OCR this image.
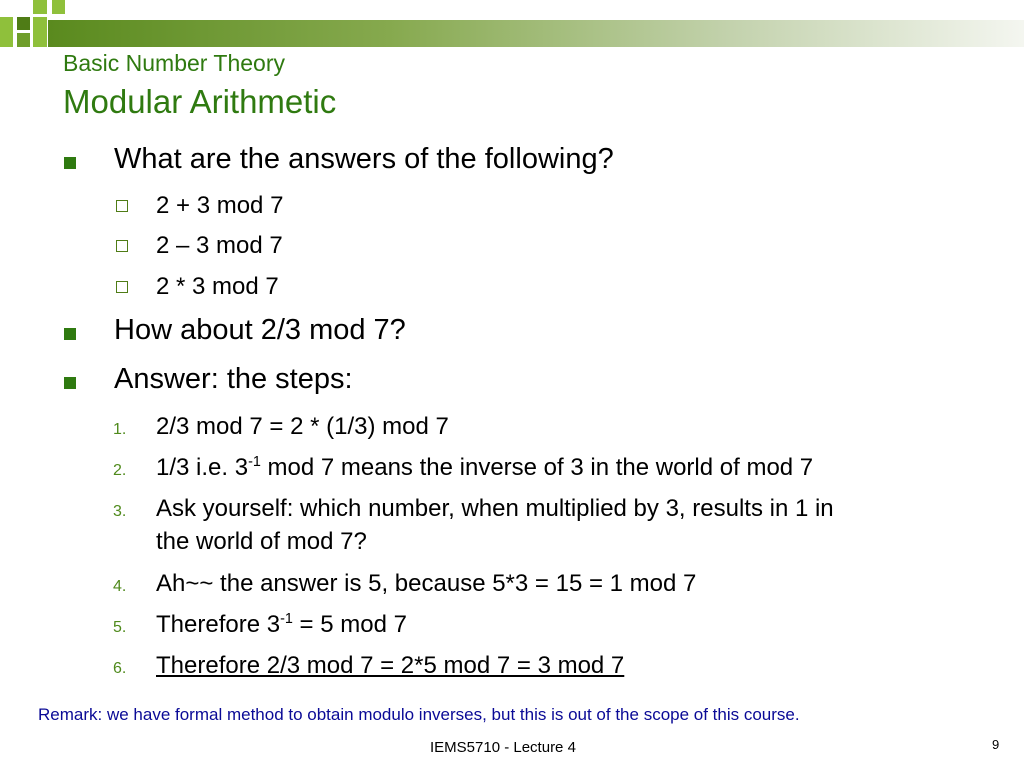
Basic Number Theory
Modular Arithmetic
What are the answers of the following?
2 + 3 mod 7
2 – 3 mod 7
2 * 3 mod 7
How about 2/3 mod 7?
Answer: the steps:
1. 2/3 mod 7 = 2 * (1/3) mod 7
2. 1/3 i.e. $3^{-1}$ mod 7 means the inverse of 3 in the world of mod 7
3. Ask yourself: which number, when multiplied by 3, results in 1 in
the world of mod 7?
4. Ah~~ the answer is 5, because 5*3 = 15 = 1 mod 7
5. Therefore $3^{-1} = 5$ mod 7
6. Therefore 2/3 mod 7 = 2*5 mod 7 = 3 mod 7
Remark: we have formal method to obtain modulo inverses, but this is out of the scope of this course.
IEMS5710 - Lecture 4	9
